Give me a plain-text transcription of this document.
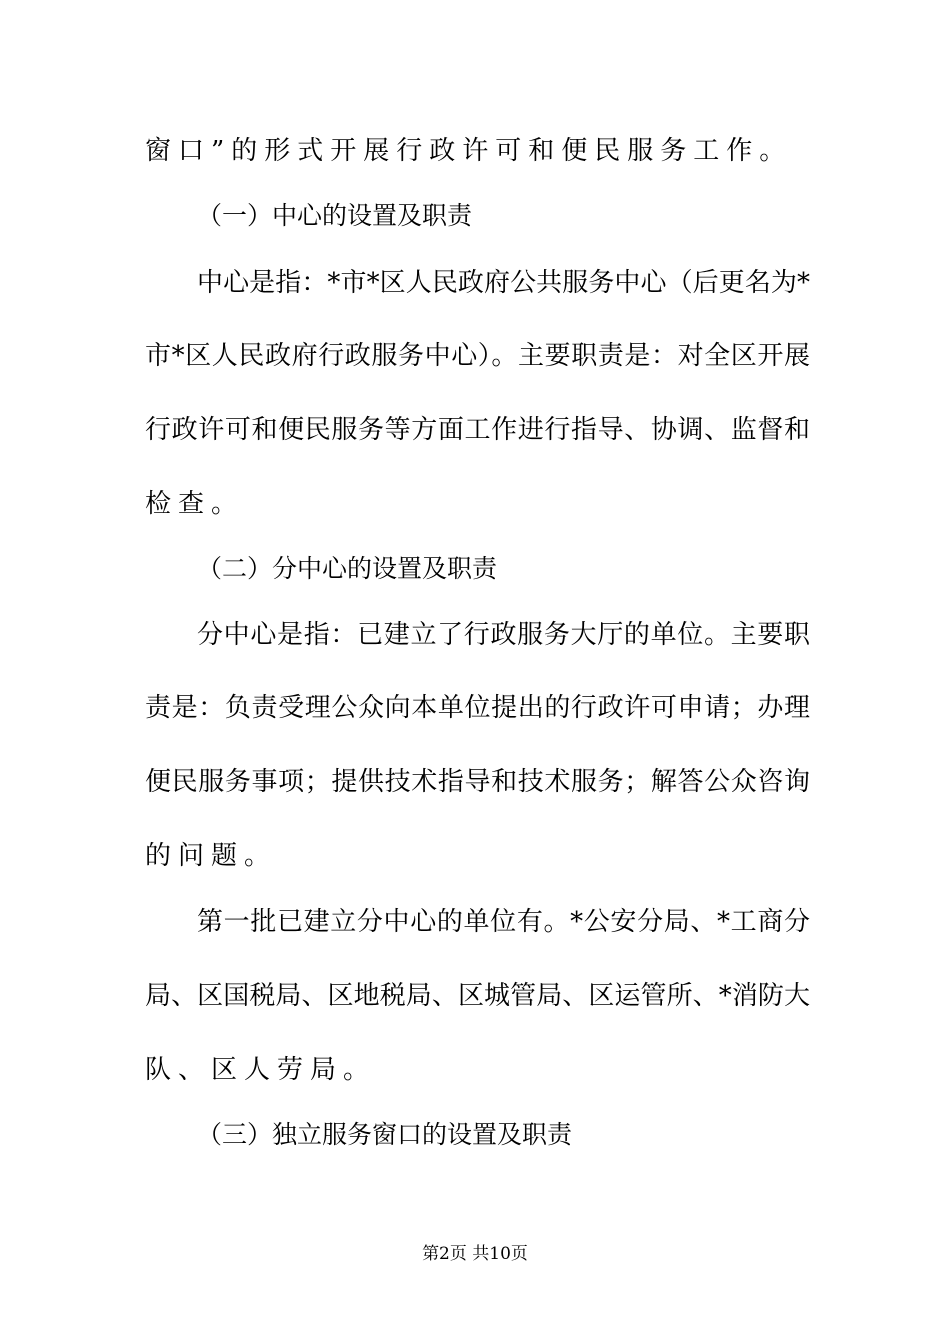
窗口”的形式开展行政许可和便民服务工作。
（一）中心的设置及职责
中心是指：*市*区人民政府公共服务中心（后更名为*
市*区人民政府行政服务中心）。主要职责是：对全区开展
行政许可和便民服务等方面工作进行指导、协调、监督和
检查。
（二）分中心的设置及职责
分中心是指：已建立了行政服务大厅的单位。主要职
责是：负责受理公众向本单位提出的行政许可申请；办理
便民服务事项；提供技术指导和技术服务；解答公众咨询
的问题。
第一批已建立分中心的单位有。*公安分局、*工商分
局、区国税局、区地税局、区城管局、区运管所、*消防大
队、区人劳局。
（三）独立服务窗口的设置及职责
第2页 共10页
